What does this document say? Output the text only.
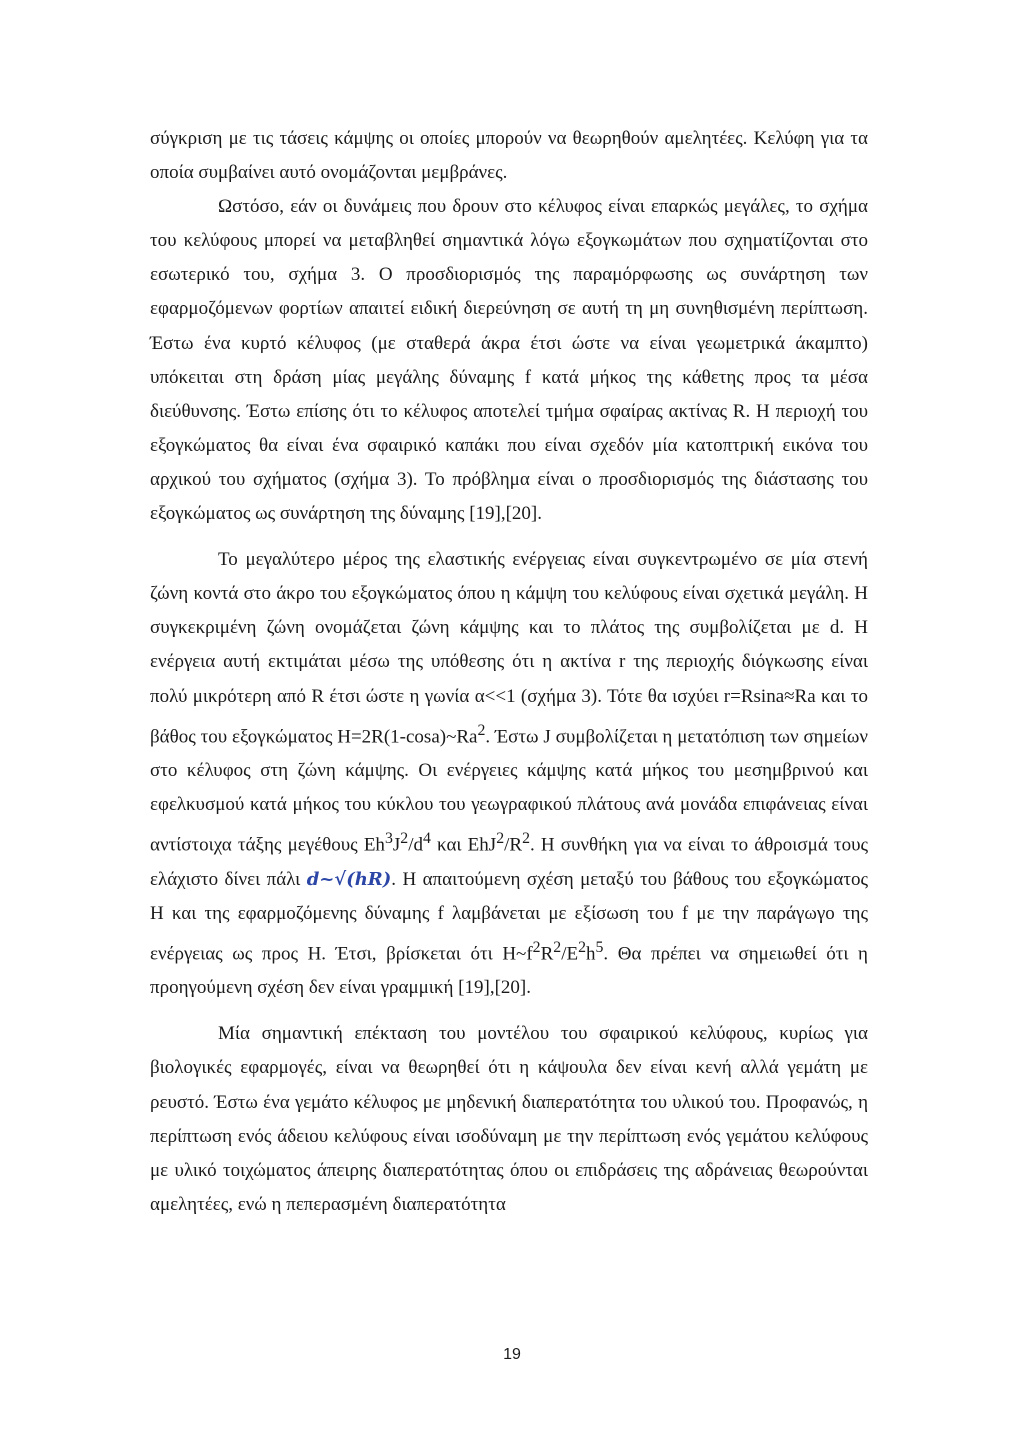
σύγκριση με τις τάσεις κάμψης οι οποίες μπορούν να θεωρηθούν αμελητέες. Κελύφη για τα οποία συμβαίνει αυτό ονομάζονται μεμβράνες.

Ωστόσο, εάν οι δυνάμεις που δρουν στο κέλυφος είναι επαρκώς μεγάλες, το σχήμα του κελύφους μπορεί να μεταβληθεί σημαντικά λόγω εξογκωμάτων που σχηματίζονται στο εσωτερικό του, σχήμα 3. Ο προσδιορισμός της παραμόρφωσης ως συνάρτηση των εφαρμοζόμενων φορτίων απαιτεί ειδική διερεύνηση σε αυτή τη μη συνηθισμένη περίπτωση. Έστω ένα κυρτό κέλυφος (με σταθερά άκρα έτσι ώστε να είναι γεωμετρικά άκαμπτο) υπόκειται στη δράση μίας μεγάλης δύναμης f κατά μήκος της κάθετης προς τα μέσα διεύθυνσης. Έστω επίσης ότι το κέλυφος αποτελεί τμήμα σφαίρας ακτίνας R. Η περιοχή του εξογκώματος θα είναι ένα σφαιρικό καπάκι που είναι σχεδόν μία κατοπτρική εικόνα του αρχικού του σχήματος (σχήμα 3). Το πρόβλημα είναι ο προσδιορισμός της διάστασης του εξογκώματος ως συνάρτηση της δύναμης [19],[20].

Το μεγαλύτερο μέρος της ελαστικής ενέργειας είναι συγκεντρωμένο σε μία στενή ζώνη κοντά στο άκρο του εξογκώματος όπου η κάμψη του κελύφους είναι σχετικά μεγάλη. Η συγκεκριμένη ζώνη ονομάζεται ζώνη κάμψης και το πλάτος της συμβολίζεται με d. Η ενέργεια αυτή εκτιμάται μέσω της υπόθεσης ότι η ακτίνα r της περιοχής διόγκωσης είναι πολύ μικρότερη από R έτσι ώστε η γωνία α<<1 (σχήμα 3). Τότε θα ισχύει r=Rsina≈Ra και το βάθος του εξογκώματος $H=2R(1-\cos a)\sim Ra^2$. Έστω J συμβολίζεται η μετατόπιση των σημείων στο κέλυφος στη ζώνη κάμψης. Οι ενέργειες κάμψης κατά μήκος του μεσημβρινού και εφελκυσμού κατά μήκος του κύκλου του γεωγραφικού πλάτους ανά μονάδα επιφάνειας είναι αντίστοιχα τάξης μεγέθους $Eh^3J^2/d^4$ και $EhJ^2/R^2$. Η συνθήκη για να είναι το άθροισμά τους ελάχιστο δίνει πάλι d~√(hR). Η απαιτούμενη σχέση μεταξύ του βάθους του εξογκώματος H και της εφαρμοζόμενης δύναμης f λαμβάνεται με εξίσωση του f με την παράγωγο της ενέργειας ως προς H. Έτσι, βρίσκεται ότι $H\sim f^2R^2/E^2h^5$. Θα πρέπει να σημειωθεί ότι η προηγούμενη σχέση δεν είναι γραμμική [19],[20].

Μία σημαντική επέκταση του μοντέλου του σφαιρικού κελύφους, κυρίως για βιολογικές εφαρμογές, είναι να θεωρηθεί ότι η κάψουλα δεν είναι κενή αλλά γεμάτη με ρευστό. Έστω ένα γεμάτο κέλυφος με μηδενική διαπερατότητα του υλικού του. Προφανώς, η περίπτωση ενός άδειου κελύφους είναι ισοδύναμη με την περίπτωση ενός γεμάτου κελύφους με υλικό τοιχώματος άπειρης διαπερατότητας όπου οι επιδράσεις της αδράνειας θεωρούνται αμελητέες, ενώ η πεπερασμένη διαπερατότητα

19
